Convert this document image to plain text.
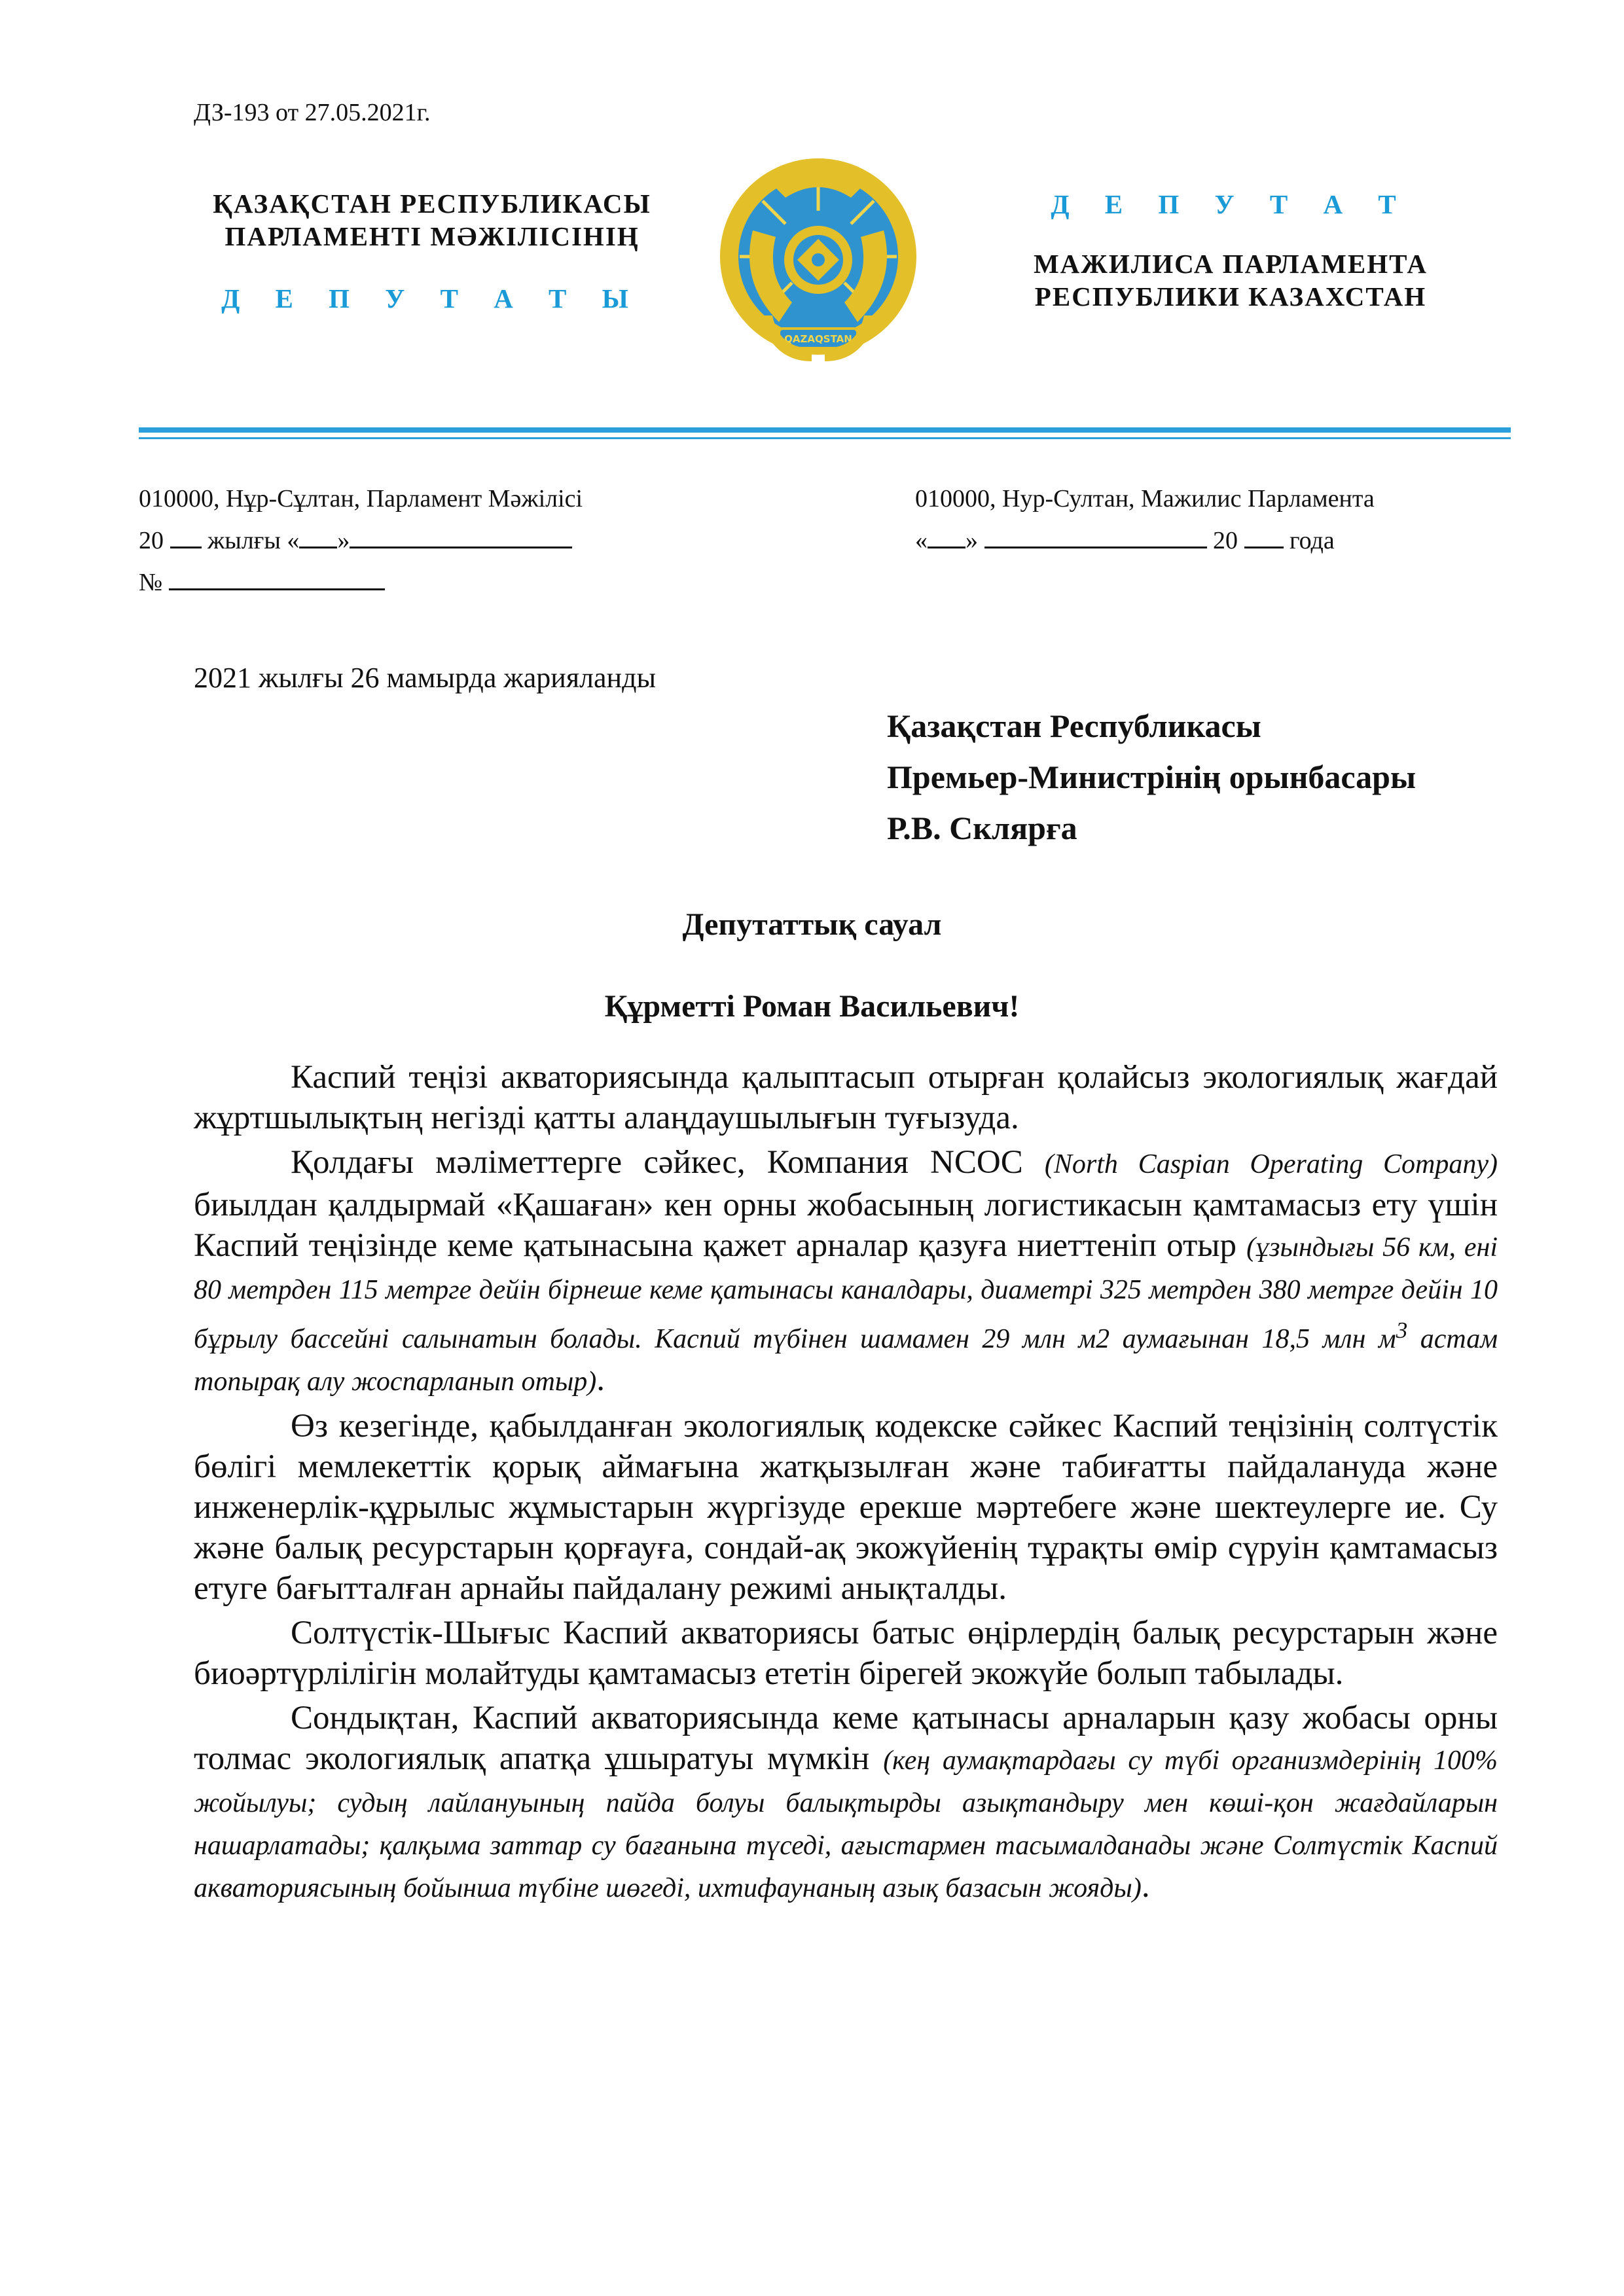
ДЗ-193 от 27.05.2021г.
ҚАЗАҚСТАН РЕСПУБЛИКАСЫ
ПАРЛАМЕНТІ МӘЖІЛІСІНІҢ
Д Е П У Т А Т Ы
Д Е П У Т А Т
МАЖИЛИСА ПАРЛАМЕНТА
РЕСПУБЛИКИ КАЗАХСТАН
QAZAQSTAN
010000, Нұр-Сұлтан, Парламент Мәжілісі
20 жылғы « »
№
010000, Нур-Султан, Мажилис Парламента
« »	20 года
2021 жылғы 26 мамырда жарияланды
Қазақстан Республикасы
Премьер-Министрінің орынбасары
Р.В. Склярға
Депутаттық сауал
Құрметті Роман Васильевич!

Каспий теңізі акваториясында қалыптасып отырған қолайсыз экологиялық жағдай жұртшылықтың негізді қатты алаңдаушылығын туғызуда.

Қолдағы мәліметтерге сәйкес, Компания NCOC (North Caspian Operating Company) биылдан қалдырмай «Қашаған» кен орны жобасының логистикасын қамтамасыз ету үшін Каспий теңізінде кеме қатынасына қажет арналар қазуға ниеттеніп отыр (ұзындығы 56 км, ені 80 метрден 115 метрге дейін бірнеше кеме қатынасы каналдары, диаметрі 325 метрден 380 метрге дейін 10 бұрылу бассейні салынатын болады. Каспий түбінен шамамен 29 млн м2 аумағынан 18,5 млн $м^3$ астам топырақ алу жоспарланып отыр).

Өз кезегінде, қабылданған экологиялық кодекске сәйкес Каспий теңізінің солтүстік бөлігі мемлекеттік қорық аймағына жатқызылған және табиғатты пайдалануда және инженерлік-құрылыс жұмыстарын жүргізуде ерекше мәртебеге және шектеулерге ие. Су және балық ресурстарын қорғауға, сондай-ақ экожүйенің тұрақты өмір сүруін қамтамасыз етуге бағытталған арнайы пайдалану режимі анықталды.

Солтүстік-Шығыс Каспий акваториясы батыс өңірлердің балық ресурстарын және биоәртүрлілігін молайтуды қамтамасыз ететін бірегей экожүйе болып табылады.

Сондықтан, Каспий акваториясында кеме қатынасы арналарын қазу жобасы орны толмас экологиялық апатқа ұшыратуы мүмкін (кең аумақтардағы су түбі организмдерінің 100% жойылуы; судың лайлануының пайда болуы балықтырды азықтандыру мен көші-қон жағдайларын нашарлатады; қалқыма заттар су бағанына түседі, ағыстармен тасымалданады және Солтүстік Каспий акваториясының бойынша түбіне шөгеді, ихтифаунаның азық базасын жояды).
